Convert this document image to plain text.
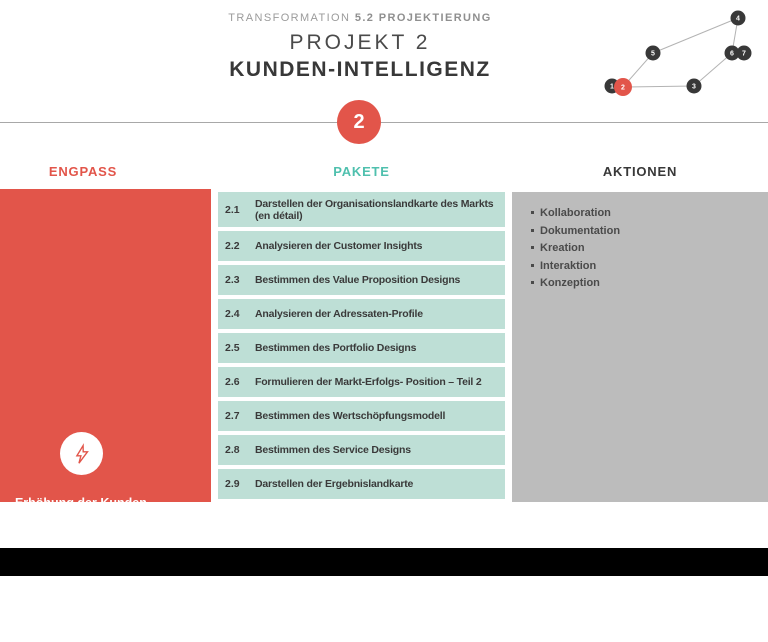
TRANSFORMATION 5.2 PROJEKTIERUNG
PROJEKT 2
KUNDEN-INTELLIGENZ
1	3
4
5	7
6
2
2
ENGPASS	PAKETE	AKTIONEN
Erhöhung der Kunden-Orientierung
Steigern der Service-Effizienz
2.1	Darstellen der Organisationslandkarte des Markts (en détail)
2.2	Analysieren der Customer Insights
2.3	Bestimmen des Value Proposition Designs
2.4	Analysieren der Adressaten-Profile
2.5	Bestimmen des Portfolio Designs
2.6	Formulieren der Markt-Erfolgs- Position – Teil 2
2.7	Bestimmen des Wertschöpfungsmodell
2.8	Bestimmen des Service Designs
2.9	Darstellen der Ergebnislandkarte
Kollaboration
Dokumentation
Kreation
Interaktion
Konzeption
